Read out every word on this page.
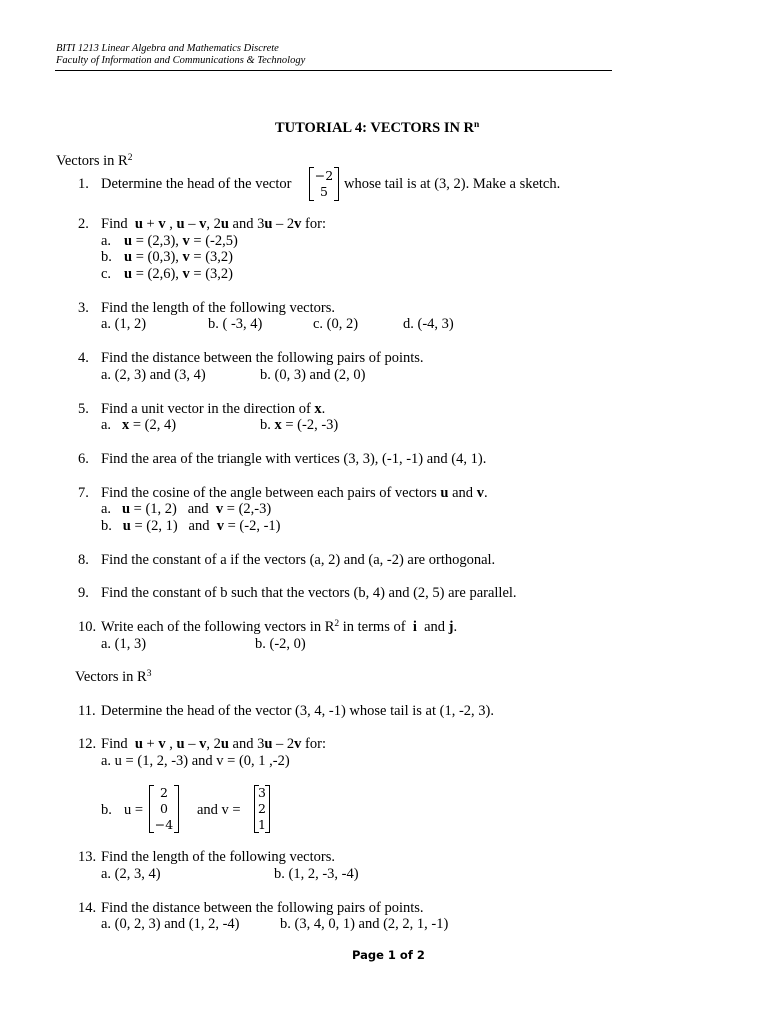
BITI 1213 Linear Algebra and Mathematics Discrete
Faculty of Information and Communications & Technology
TUTORIAL 4: VECTORS IN $R^n$
Vectors in $R^2$
1. Determine the head of the vector
−2
5	whose tail is at (3, 2). Make a sketch.
2. Find  u + v , u – v, 2u and 3u – 2v for:
a. u = (2,3), v = (-2,5)
b. u = (0,3), v = (3,2)
c. u = (2,6), v = (3,2)
3. Find the length of the following vectors.
a. (1, 2)	b. ( -3, 4)	c. (0, 2)	d. (-4, 3)
4. Find the distance between the following pairs of points.
a. (2, 3) and (3, 4)	b. (0, 3) and (2, 0)
5. Find a unit vector in the direction of x.
a.   x = (2, 4)	b. x = (-2, -3)
6. Find the area of the triangle with vertices (3, 3), (-1, -1) and (4, 1).
7. Find the cosine of the angle between each pairs of vectors u and v.
a.   u = (1, 2)   and  v = (2,-3)
b.   u = (2, 1)   and  v = (-2, -1)
8. Find the constant of a if the vectors (a, 2) and (a, -2) are orthogonal.
9. Find the constant of b such that the vectors (b, 4) and (2, 5) are parallel.
10. Write each of the following vectors in $R^2$ in terms of  i  and j.
a. (1, 3)	b. (-2, 0)
Vectors in $R^3$
11. Determine the head of the vector (3, 4, -1) whose tail is at (1, -2, 3).
12. Find  u + v , u – v, 2u and 3u – 2v for:
a. u = (1, 2, -3) and v = (0, 1 ,-2)
b. u =
2
0
−4
and v =
3
2
1
13. Find the length of the following vectors.
a. (2, 3, 4)	b. (1, 2, -3, -4)
14. Find the distance between the following pairs of points.
a. (0, 2, 3) and (1, 2, -4)	b. (3, 4, 0, 1) and (2, 2, 1, -1)
Page 1 of 2
